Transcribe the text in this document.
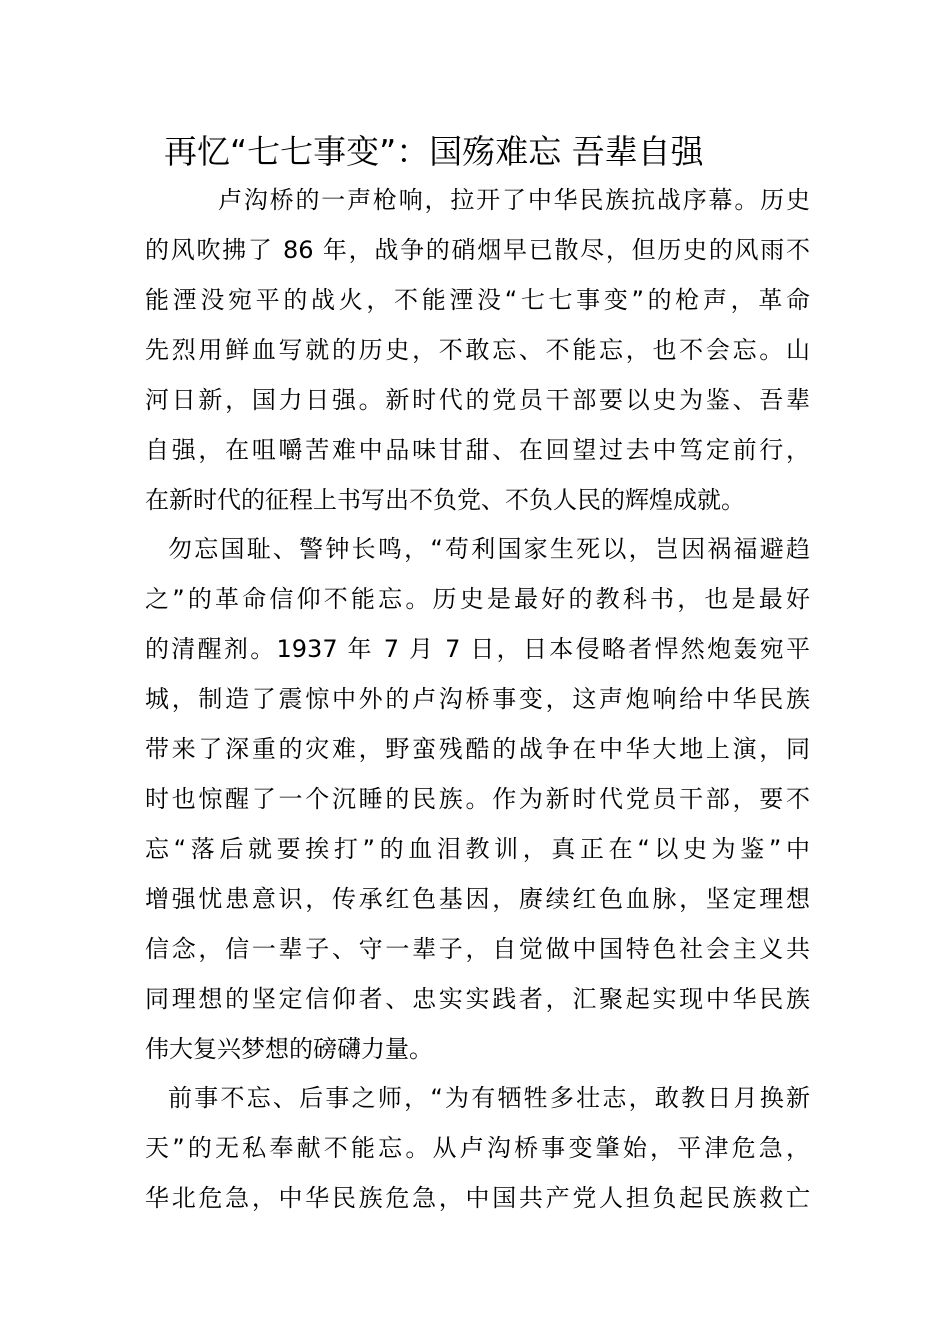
再忆“七七事变”：国殇难忘 吾辈自强

卢沟桥的一声枪响，拉开了中华民族抗战序幕。历史

的风吹拂了 86 年，战争的硝烟早已散尽，但历史的风雨不

能湮没宛平的战火，不能湮没“七七事变”的枪声，革命

先烈用鲜血写就的历史，不敢忘、不能忘，也不会忘。山

河日新，国力日强。新时代的党员干部要以史为鉴、吾辈

自强，在咀嚼苦难中品味甘甜、在回望过去中笃定前行，

在新时代的征程上书写出不负党、不负人民的辉煌成就。

勿忘国耻、警钟长鸣，“苟利国家生死以，岂因祸福避趋

之”的革命信仰不能忘。历史是最好的教科书，也是最好

的清醒剂。1937 年 7 月 7 日，日本侵略者悍然炮轰宛平

城，制造了震惊中外的卢沟桥事变，这声炮响给中华民族

带来了深重的灾难，野蛮残酷的战争在中华大地上演，同

时也惊醒了一个沉睡的民族。作为新时代党员干部，要不

忘“落后就要挨打”的血泪教训，真正在“以史为鉴”中

增强忧患意识，传承红色基因，赓续红色血脉，坚定理想

信念，信一辈子、守一辈子，自觉做中国特色社会主义共

同理想的坚定信仰者、忠实实践者，汇聚起实现中华民族

伟大复兴梦想的磅礴力量。

前事不忘、后事之师，“为有牺牲多壮志，敢教日月换新

天”的无私奉献不能忘。从卢沟桥事变肇始，平津危急，

华北危急，中华民族危急，中国共产党人担负起民族救亡
